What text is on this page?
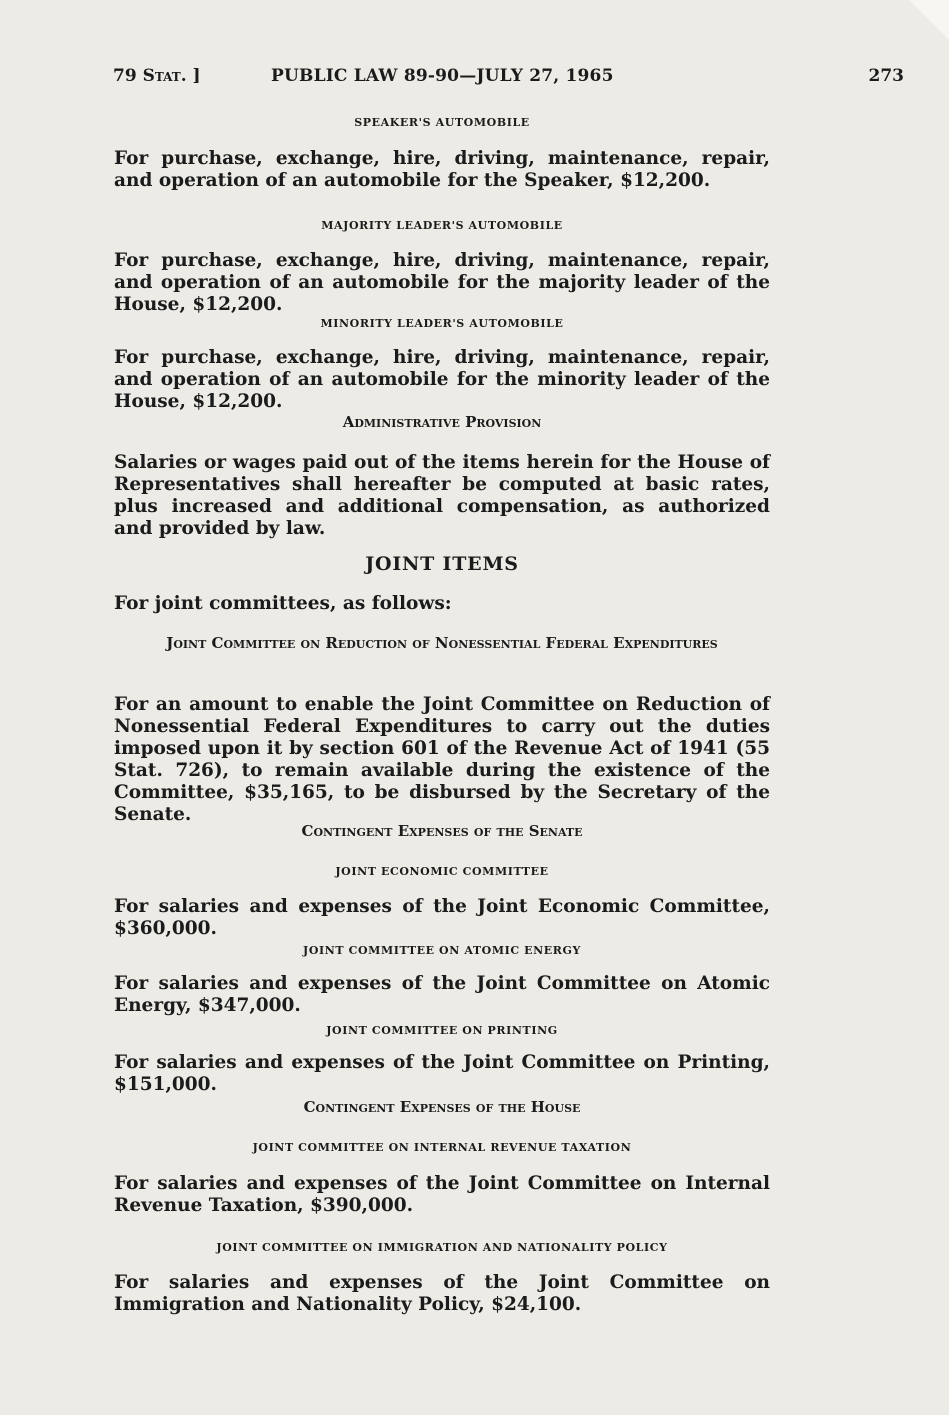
79 Stat. ]	PUBLIC LAW 89-90—JULY 27, 1965	273

SPEAKER'S AUTOMOBILE

For purchase, exchange, hire, driving, maintenance, repair, and operation of an automobile for the Speaker, $12,200.

MAJORITY LEADER'S AUTOMOBILE

For purchase, exchange, hire, driving, maintenance, repair, and operation of an automobile for the majority leader of the House, $12,200.

MINORITY LEADER'S AUTOMOBILE

For purchase, exchange, hire, driving, maintenance, repair, and operation of an automobile for the minority leader of the House, $12,200.

Administrative Provision

Salaries or wages paid out of the items herein for the House of Representatives shall hereafter be computed at basic rates, plus increased and additional compensation, as authorized and provided by law.

JOINT ITEMS

For joint committees, as follows:

Joint Committee on Reduction of Nonessential Federal Expenditures

For an amount to enable the Joint Committee on Reduction of Nonessential Federal Expenditures to carry out the duties imposed upon it by section 601 of the Revenue Act of 1941 (55 Stat. 726), to remain available during the existence of the Committee, $35,165, to be disbursed by the Secretary of the Senate.

Contingent Expenses of the Senate

JOINT ECONOMIC COMMITTEE

For salaries and expenses of the Joint Economic Committee, $360,000.

JOINT COMMITTEE ON ATOMIC ENERGY

For salaries and expenses of the Joint Committee on Atomic Energy, $347,000.

JOINT COMMITTEE ON PRINTING

For salaries and expenses of the Joint Committee on Printing, $151,000.

Contingent Expenses of the House

JOINT COMMITTEE ON INTERNAL REVENUE TAXATION

For salaries and expenses of the Joint Committee on Internal Revenue Taxation, $390,000.

JOINT COMMITTEE ON IMMIGRATION AND NATIONALITY POLICY

For salaries and expenses of the Joint Committee on Immigration and Nationality Policy, $24,100.
